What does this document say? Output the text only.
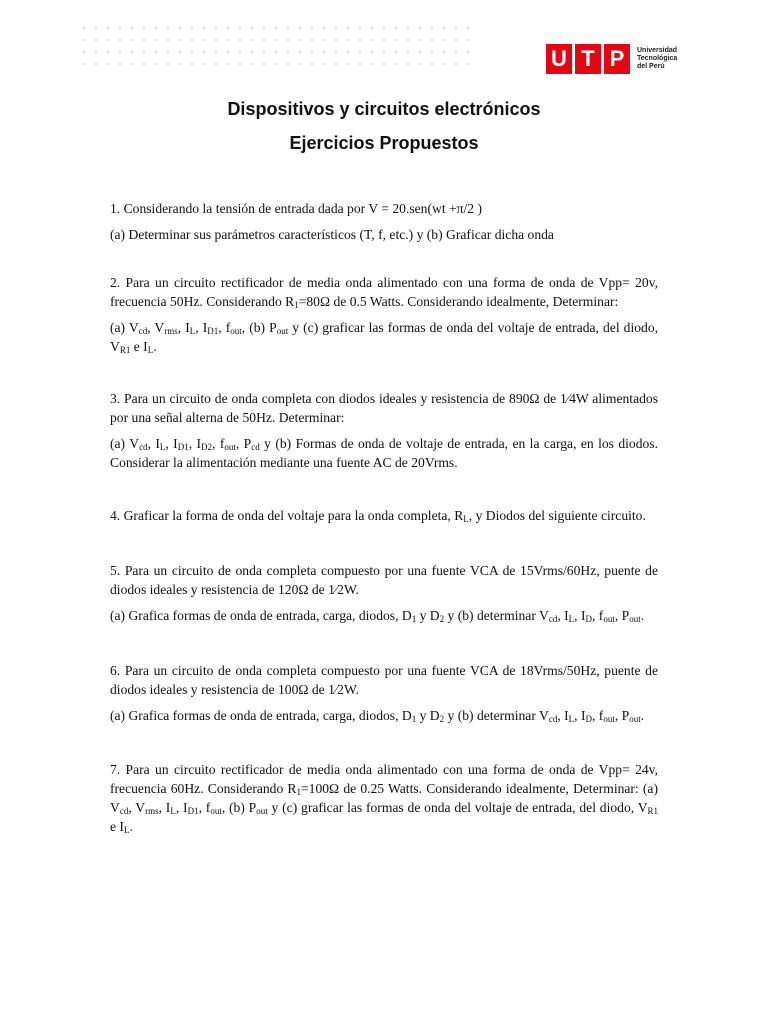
U T P	Universidad
Tecnológica
del Perú
Dispositivos y circuitos electrónicos
Ejercicios Propuestos

1. Considerando la tensión de entrada dada por V = 20.sen(wt +π/2 )

(a) Determinar sus parámetros característicos (T, f, etc.) y (b) Graficar dicha onda

2. Para un circuito rectificador de media onda alimentado con una forma de onda de Vpp= 20v, frecuencia 50Hz. Considerando $R_1=80\Omega$ de 0.5 Watts. Considerando idealmente, Determinar:

(a) $V_{cd}$, $V_{rms}$, $I_L$, $I_{D1}$, $f_{out}$, (b) $P_{out}$ y (c) graficar las formas de onda del voltaje de entrada, del diodo, $V_{R1}$ e $I_L$.

3. Para un circuito de onda completa con diodos ideales y resistencia de 890Ω de 1⁄4W alimentados por una señal alterna de 50Hz. Determinar:

(a) $V_{cd}$, $I_L$, $I_{D1}$, $I_{D2}$, $f_{out}$, $P_{cd}$ y (b) Formas de onda de voltaje de entrada, en la carga, en los diodos. Considerar la alimentación mediante una fuente AC de 20Vrms.

4. Graficar la forma de onda del voltaje para la onda completa, $R_L$, y Diodos del siguiente circuito.

5. Para un circuito de onda completa compuesto por una fuente VCA de 15Vrms/60Hz, puente de diodos ideales y resistencia de 120Ω de 1⁄2W.

(a) Grafica formas de onda de entrada, carga, diodos, $D_1$ y $D_2$ y (b) determinar $V_{cd}$, $I_L$, $I_D$, $f_{out}$, $P_{out}$.

6. Para un circuito de onda completa compuesto por una fuente VCA de 18Vrms/50Hz, puente de diodos ideales y resistencia de 100Ω de 1⁄2W.

(a) Grafica formas de onda de entrada, carga, diodos, $D_1$ y $D_2$ y (b) determinar $V_{cd}$, $I_L$, $I_D$, $f_{out}$, $P_{out}$.

7. Para un circuito rectificador de media onda alimentado con una forma de onda de Vpp= 24v, frecuencia 60Hz. Considerando $R_1=100\Omega$ de 0.25 Watts. Considerando idealmente, Determinar: (a) $V_{cd}$, $V_{rms}$, $I_L$, $I_{D1}$, $f_{out}$, (b) $P_{out}$ y (c) graficar las formas de onda del voltaje de entrada, del diodo, $V_{R1}$ e $I_L$.
